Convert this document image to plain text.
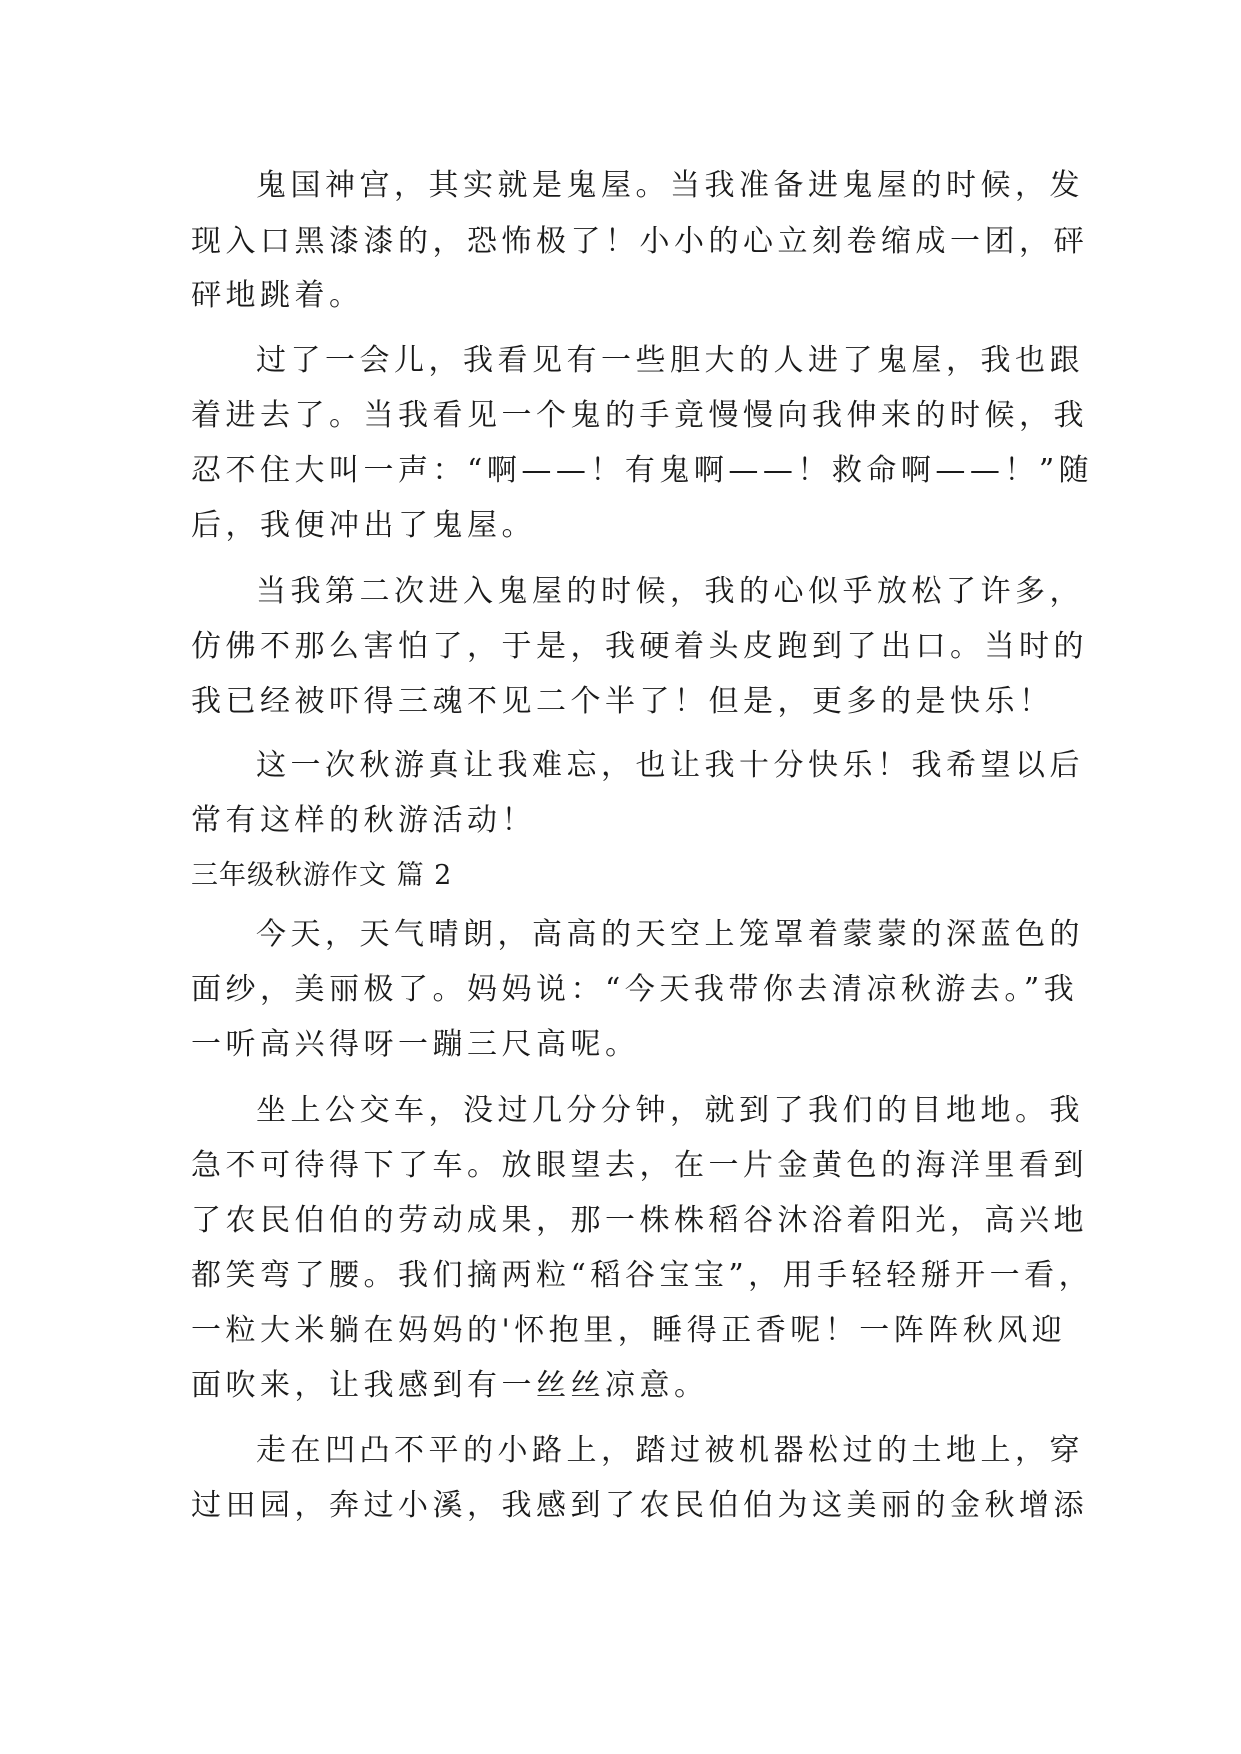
鬼国神宫，其实就是鬼屋。当我准备进鬼屋的时候，发
现入口黑漆漆的，恐怖极了！小小的心立刻卷缩成一团，砰
砰地跳着。
过了一会儿，我看见有一些胆大的人进了鬼屋，我也跟
着进去了。当我看见一个鬼的手竟慢慢向我伸来的时候，我
忍不住大叫一声：“啊——！有鬼啊——！救命啊——！”随
后，我便冲出了鬼屋。
当我第二次进入鬼屋的时候，我的心似乎放松了许多，
仿佛不那么害怕了，于是，我硬着头皮跑到了出口。当时的
我已经被吓得三魂不见二个半了！但是，更多的是快乐！
这一次秋游真让我难忘，也让我十分快乐！我希望以后
常有这样的秋游活动！
三年级秋游作文 篇 2
今天，天气晴朗，高高的天空上笼罩着蒙蒙的深蓝色的
面纱，美丽极了。妈妈说：“今天我带你去清凉秋游去。”我
一听高兴得呀一蹦三尺高呢。
坐上公交车，没过几分分钟，就到了我们的目地地。我
急不可待得下了车。放眼望去，在一片金黄色的海洋里看到
了农民伯伯的劳动成果，那一株株稻谷沐浴着阳光，高兴地
都笑弯了腰。我们摘两粒“稻谷宝宝”，用手轻轻掰开一看，
一粒大米躺在妈妈的'怀抱里，睡得正香呢！一阵阵秋风迎
面吹来，让我感到有一丝丝凉意。
走在凹凸不平的小路上，踏过被机器松过的土地上，穿
过田园，奔过小溪，我感到了农民伯伯为这美丽的金秋增添
